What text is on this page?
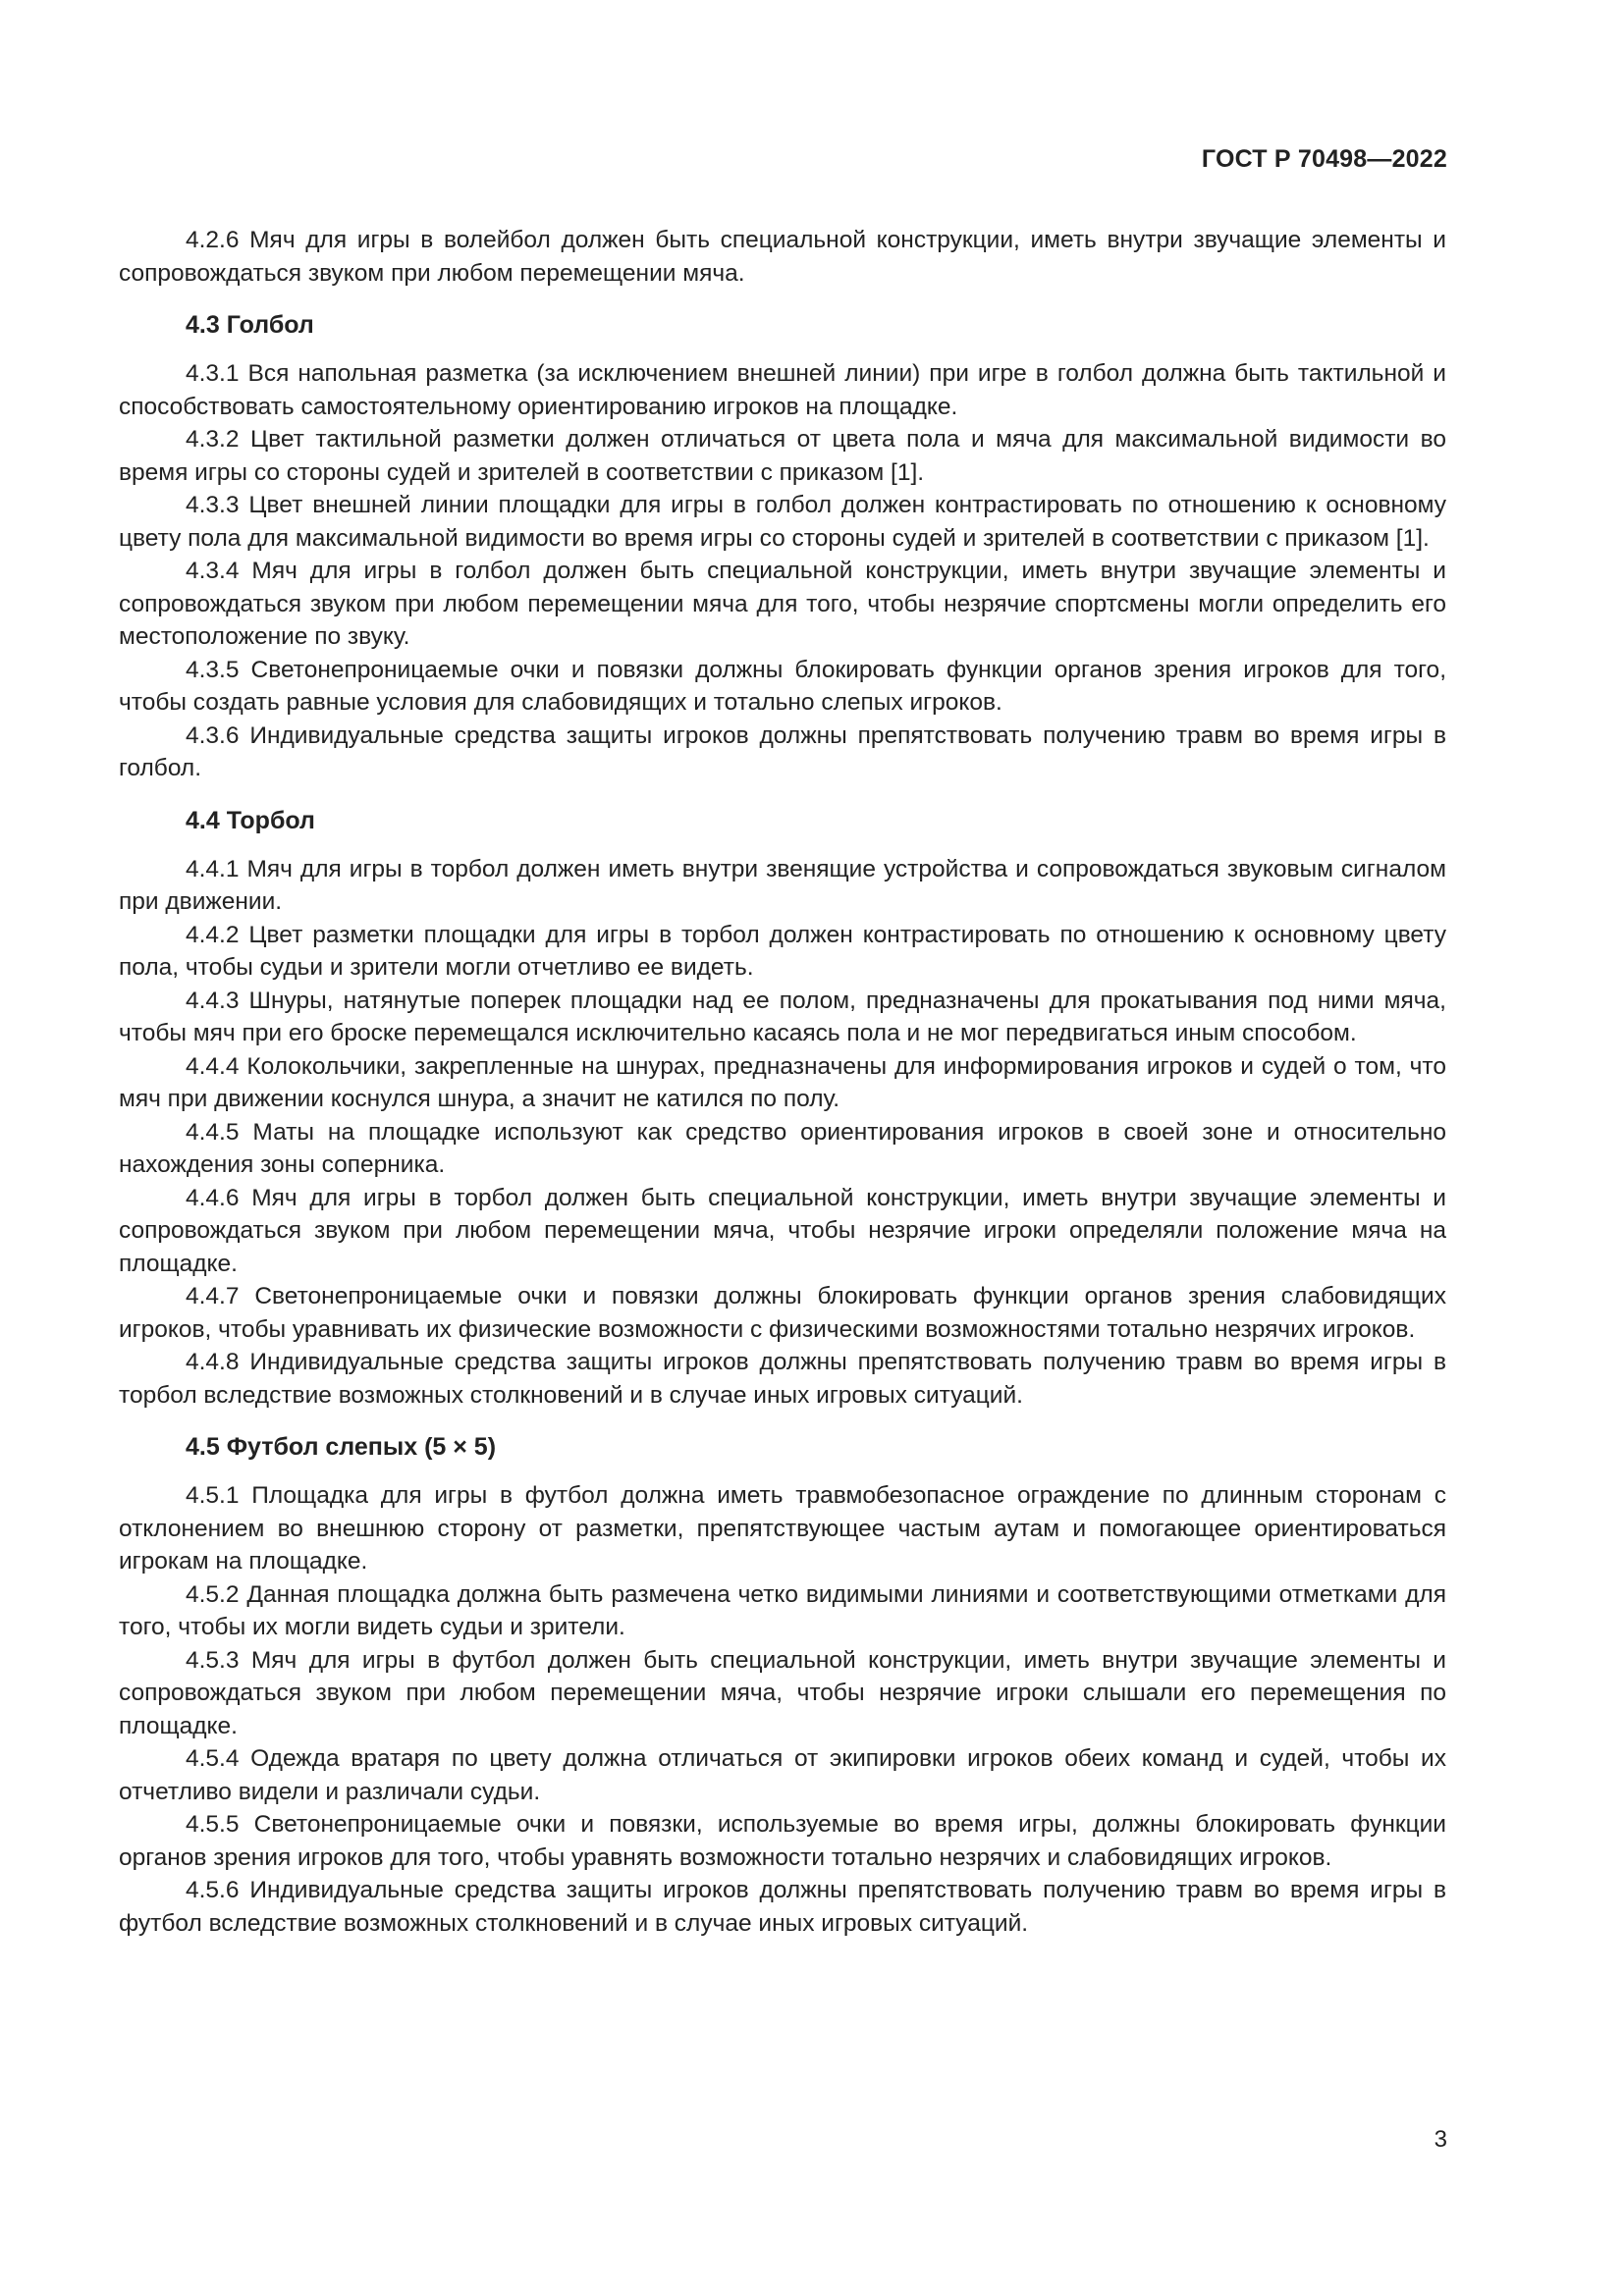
ГОСТ Р 70498—2022

4.2.6 Мяч для игры в волейбол должен быть специальной конструкции, иметь внутри звучащие элементы и сопровождаться звуком при любом перемещении мяча.

4.3 Голбол

4.3.1 Вся напольная разметка (за исключением внешней линии) при игре в голбол должна быть тактильной и способствовать самостоятельному ориентированию игроков на площадке.

4.3.2 Цвет тактильной разметки должен отличаться от цвета пола и мяча для максимальной видимости во время игры со стороны судей и зрителей в соответствии с приказом [1].

4.3.3 Цвет внешней линии площадки для игры в голбол должен контрастировать по отношению к основному цвету пола для максимальной видимости во время игры со стороны судей и зрителей в соответствии с приказом [1].

4.3.4 Мяч для игры в голбол должен быть специальной конструкции, иметь внутри звучащие элементы и сопровождаться звуком при любом перемещении мяча для того, чтобы незрячие спортсмены могли определить его местоположение по звуку.

4.3.5 Светонепроницаемые очки и повязки должны блокировать функции органов зрения игроков для того, чтобы создать равные условия для слабовидящих и тотально слепых игроков.

4.3.6 Индивидуальные средства защиты игроков должны препятствовать получению травм во время игры в голбол.

4.4 Торбол

4.4.1 Мяч для игры в торбол должен иметь внутри звенящие устройства и сопровождаться звуковым сигналом при движении.

4.4.2 Цвет разметки площадки для игры в торбол должен контрастировать по отношению к основному цвету пола, чтобы судьи и зрители могли отчетливо ее видеть.

4.4.3 Шнуры, натянутые поперек площадки над ее полом, предназначены для прокатывания под ними мяча, чтобы мяч при его броске перемещался исключительно касаясь пола и не мог передвигаться иным способом.

4.4.4 Колокольчики, закрепленные на шнурах, предназначены для информирования игроков и судей о том, что мяч при движении коснулся шнура, а значит не катился по полу.

4.4.5 Маты на площадке используют как средство ориентирования игроков в своей зоне и относительно нахождения зоны соперника.

4.4.6 Мяч для игры в торбол должен быть специальной конструкции, иметь внутри звучащие элементы и сопровождаться звуком при любом перемещении мяча, чтобы незрячие игроки определяли положение мяча на площадке.

4.4.7 Светонепроницаемые очки и повязки должны блокировать функции органов зрения слабовидящих игроков, чтобы уравнивать их физические возможности с физическими возможностями тотально незрячих игроков.

4.4.8 Индивидуальные средства защиты игроков должны препятствовать получению травм во время игры в торбол вследствие возможных столкновений и в случае иных игровых ситуаций.

4.5 Футбол слепых (5 × 5)

4.5.1 Площадка для игры в футбол должна иметь травмобезопасное ограждение по длинным сторонам с отклонением во внешнюю сторону от разметки, препятствующее частым аутам и помогающее ориентироваться игрокам на площадке.

4.5.2 Данная площадка должна быть размечена четко видимыми линиями и соответствующими отметками для того, чтобы их могли видеть судьи и зрители.

4.5.3 Мяч для игры в футбол должен быть специальной конструкции, иметь внутри звучащие элементы и сопровождаться звуком при любом перемещении мяча, чтобы незрячие игроки слышали его перемещения по площадке.

4.5.4 Одежда вратаря по цвету должна отличаться от экипировки игроков обеих команд и судей, чтобы их отчетливо видели и различали судьи.

4.5.5 Светонепроницаемые очки и повязки, используемые во время игры, должны блокировать функции органов зрения игроков для того, чтобы уравнять возможности тотально незрячих и слабовидящих игроков.

4.5.6 Индивидуальные средства защиты игроков должны препятствовать получению травм во время игры в футбол вследствие возможных столкновений и в случае иных игровых ситуаций.

3
